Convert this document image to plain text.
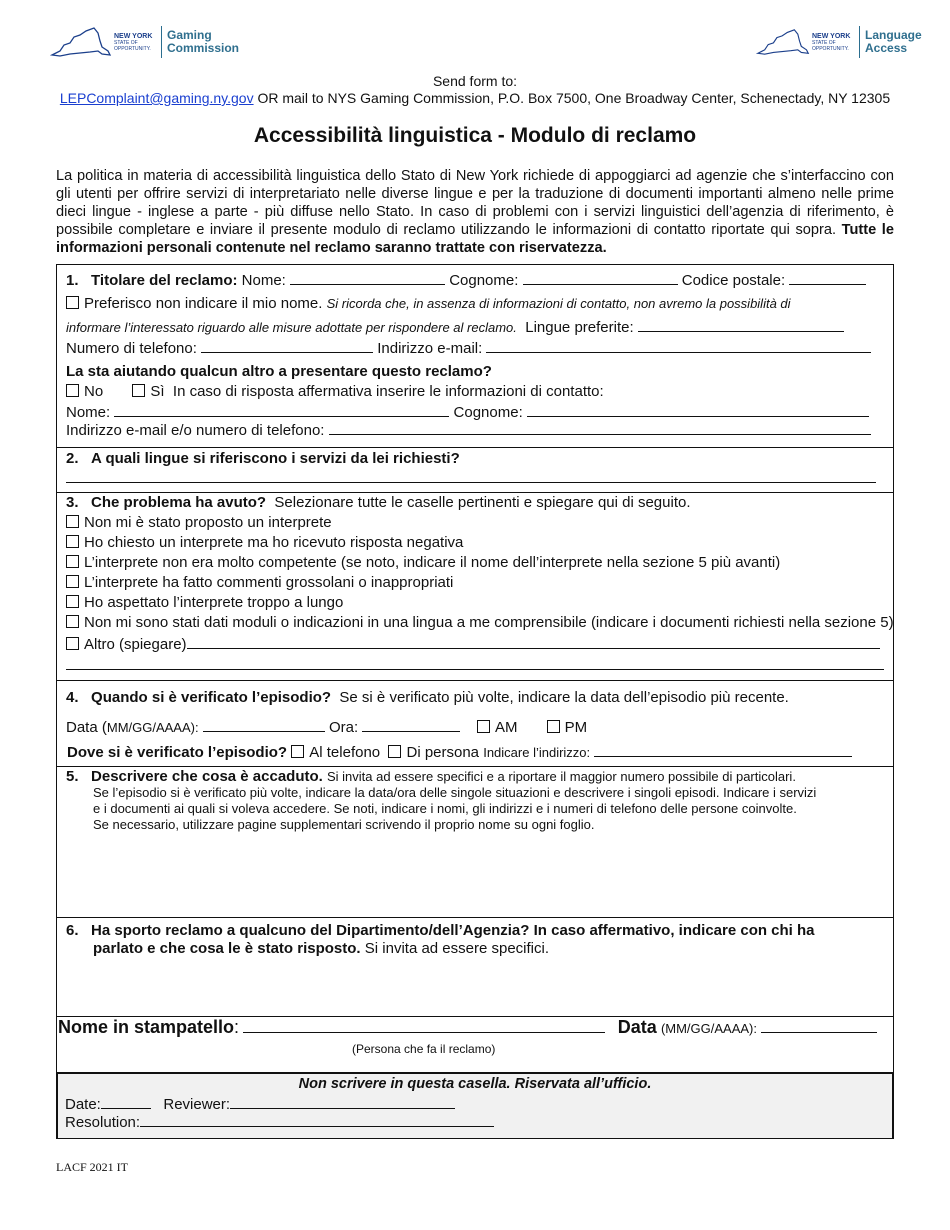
NEW YORK
STATE OF
OPPORTUNITY.
Gaming
Commission
NEW YORK
STATE OF
OPPORTUNITY.
Language
Access
Send form to:
LEPComplaint@gaming.ny.gov OR mail to NYS Gaming Commission, P.O. Box 7500, One Broadway Center, Schenectady, NY 12305
Accessibilità linguistica - Modulo di reclamo
La politica in materia di accessibilità linguistica dello Stato di New York richiede di appoggiarci ad agenzie che s’interfaccino con gli utenti per offrire servizi di interpretariato nelle diverse lingue e per la traduzione di documenti importanti almeno nelle prime dieci lingue - inglese a parte - più diffuse nello Stato. In caso di problemi con i servizi linguistici dell’agenzia di riferimento, è possibile completare e inviare il presente modulo di reclamo utilizzando le informazioni di contatto riportate qui sopra. Tutte le informazioni personali contenute nel reclamo saranno trattate con riservatezza.
1. Titolare del reclamo: Nome:	Cognome:	Codice postale:
Preferisco non indicare il mio nome. Si ricorda che, in assenza di informazioni di contatto, non avremo la possibilità di
informare l’interessato riguardo alle misure adottate per rispondere al reclamo. Lingue preferite:
Numero di telefono:	Indirizzo e-mail:
La sta aiutando qualcun altro a presentare questo reclamo?
No	Sì In caso di risposta affermativa inserire le informazioni di contatto:
Nome:	Cognome:
Indirizzo e-mail e/o numero di telefono:
2. A quali lingue si riferiscono i servizi da lei richiesti?
3. Che problema ha avuto? Selezionare tutte le caselle pertinenti e spiegare qui di seguito.
Non mi è stato proposto un interprete
Ho chiesto un interprete ma ho ricevuto risposta negativa
L’interprete non era molto competente (se noto, indicare il nome dell’interprete nella sezione 5 più avanti)
L’interprete ha fatto commenti grossolani o inappropriati
Ho aspettato l’interprete troppo a lungo
Non mi sono stati dati moduli o indicazioni in una lingua a me comprensibile (indicare i documenti richiesti nella sezione 5)
Altro (spiegare)
4. Quando si è verificato l’episodio? Se si è verificato più volte, indicare la data dell’episodio più recente.
Data (MM/GG/AAAA):	Ora:	AM	PM
Dove si è verificato l’episodio? Al telefono Di persona Indicare l’indirizzo:
5. Descrivere che cosa è accaduto. Si invita ad essere specifici e a riportare il maggior numero possibile di particolari.
Se l’episodio si è verificato più volte, indicare la data/ora delle singole situazioni e descrivere i singoli episodi. Indicare i servizi
e i documenti ai quali si voleva accedere. Se noti, indicare i nomi, gli indirizzi e i numeri di telefono delle persone coinvolte.
Se necessario, utilizzare pagine supplementari scrivendo il proprio nome su ogni foglio.
6. Ha sporto reclamo a qualcuno del Dipartimento/dell’Agenzia? In caso affermativo, indicare con chi ha
parlato e che cosa le è stato risposto. Si invita ad essere specifici.
Nome in stampatello:	Data (MM/GG/AAAA):
(Persona che fa il reclamo)
Non scrivere in questa casella. Riservata all’ufficio.
Date:	Reviewer:
Resolution:
LACF 2021 IT
